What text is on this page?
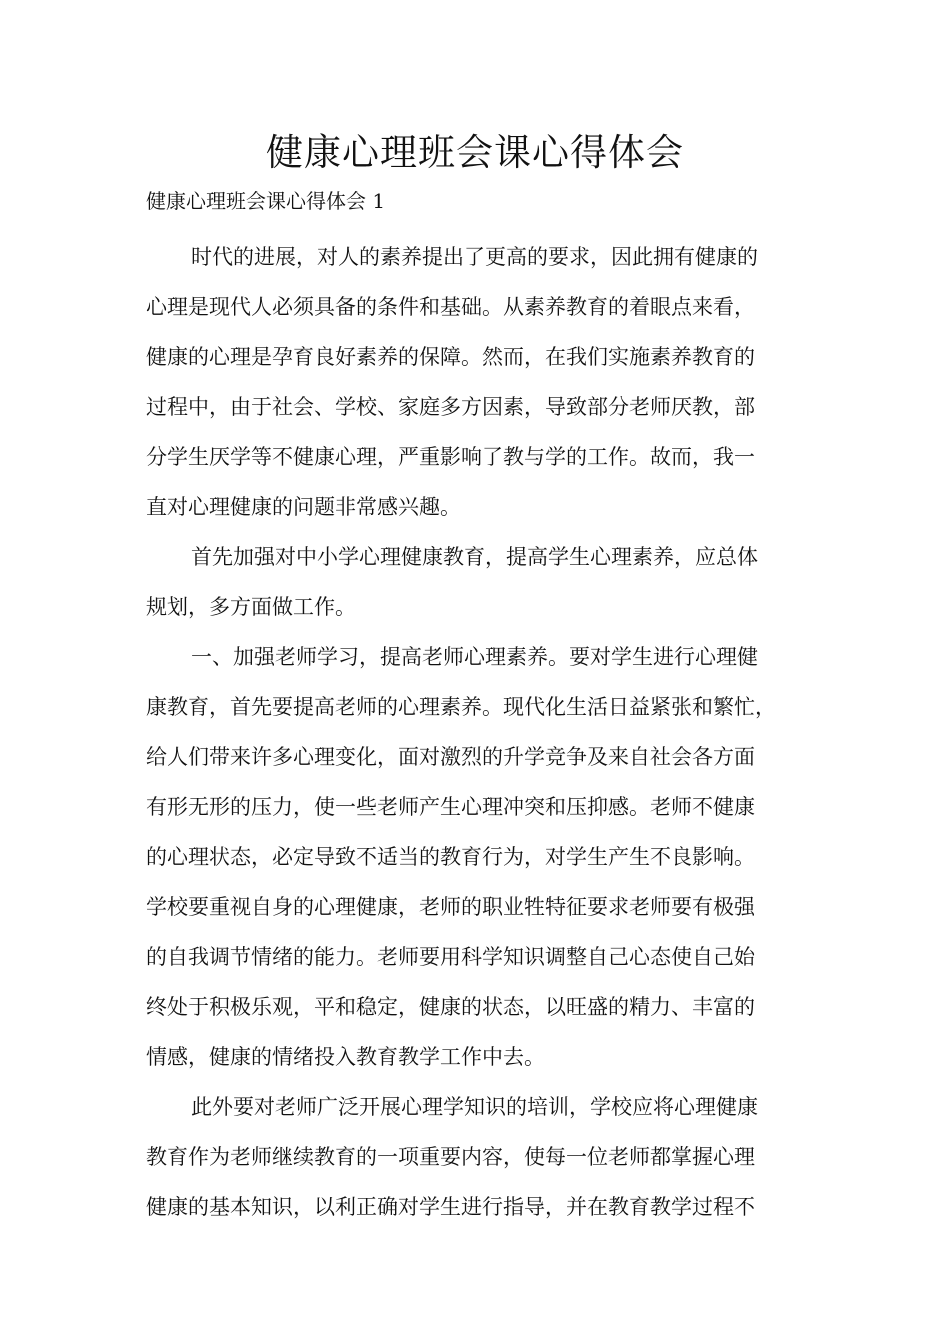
健康心理班会课心得体会

健康心理班会课心得体会 1

时代的进展，对人的素养提出了更高的要求，因此拥有健康的
心理是现代人必须具备的条件和基础。从素养教育的着眼点来看，
健康的心理是孕育良好素养的保障。然而，在我们实施素养教育的
过程中，由于社会、学校、家庭多方因素，导致部分老师厌教，部
分学生厌学等不健康心理，严重影响了教与学的工作。故而，我一
直对心理健康的问题非常感兴趣。
首先加强对中小学心理健康教育，提高学生心理素养，应总体
规划，多方面做工作。
一、加强老师学习，提高老师心理素养。要对学生进行心理健
康教育，首先要提高老师的心理素养。现代化生活日益紧张和繁忙，
给人们带来许多心理变化，面对激烈的升学竞争及来自社会各方面
有形无形的压力，使一些老师产生心理冲突和压抑感。老师不健康
的心理状态，必定导致不适当的教育行为，对学生产生不良影响。
学校要重视自身的心理健康，老师的职业牲特征要求老师要有极强
的自我调节情绪的能力。老师要用科学知识调整自己心态使自己始
终处于积极乐观，平和稳定，健康的状态，以旺盛的精力、丰富的
情感，健康的情绪投入教育教学工作中去。
此外要对老师广泛开展心理学知识的培训，学校应将心理健康
教育作为老师继续教育的一项重要内容，使每一位老师都掌握心理
健康的基本知识，以利正确对学生进行指导，并在教育教学过程不
